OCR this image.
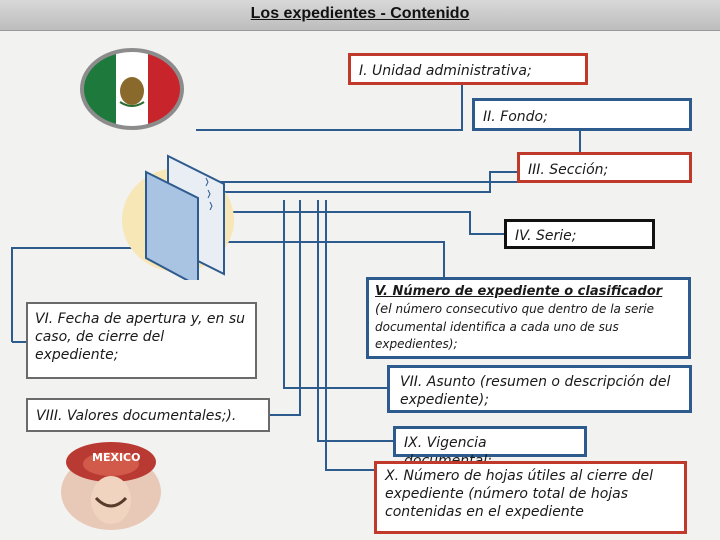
Los expedientes - Contenido
MEXICO
I. Unidad administrativa;
II. Fondo;
III. Sección;
IV. Serie;
V. Número de expediente o clasificador (el número consecutivo que dentro de la serie documental identifica a cada uno de sus expedientes);
VI. Fecha de apertura y, en su caso, de cierre del expediente;
VII. Asunto (resumen o descripción del expediente);
VIII. Valores documentales;).
IX. Vigencia
X. Número de hojas útiles al cierre del expediente (número total de hojas contenidas en el expediente
